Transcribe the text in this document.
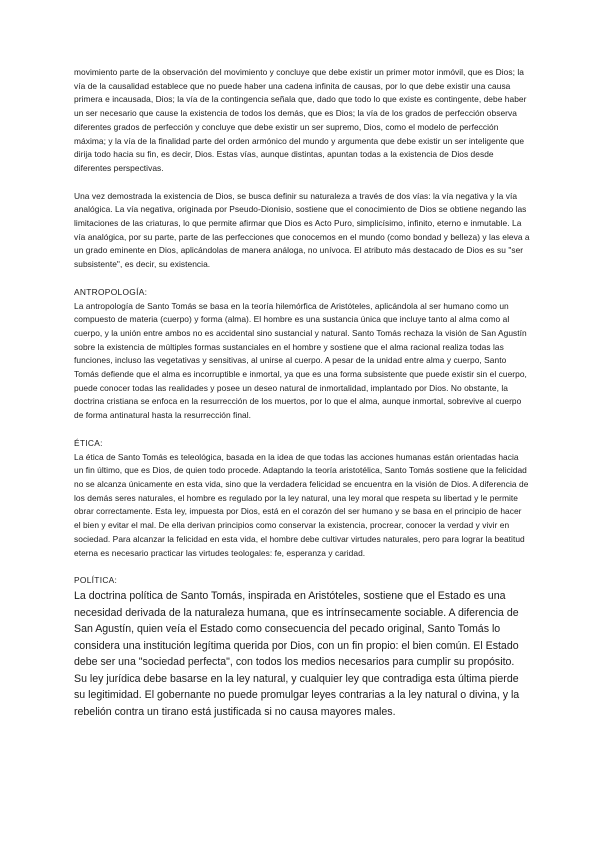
movimiento parte de la observación del movimiento y concluye que debe existir un primer motor inmóvil, que es Dios; la vía de la causalidad establece que no puede haber una cadena infinita de causas, por lo que debe existir una causa primera e incausada, Dios; la vía de la contingencia señala que, dado que todo lo que existe es contingente, debe haber un ser necesario que cause la existencia de todos los demás, que es Dios; la vía de los grados de perfección observa diferentes grados de perfección y concluye que debe existir un ser supremo, Dios, como el modelo de perfección máxima; y la vía de la finalidad parte del orden armónico del mundo y argumenta que debe existir un ser inteligente que dirija todo hacia su fin, es decir, Dios. Estas vías, aunque distintas, apuntan todas a la existencia de Dios desde diferentes perspectivas.

Una vez demostrada la existencia de Dios, se busca definir su naturaleza a través de dos vías: la vía negativa y la vía analógica. La vía negativa, originada por Pseudo-Dionisio, sostiene que el conocimiento de Dios se obtiene negando las limitaciones de las criaturas, lo que permite afirmar que Dios es Acto Puro, simplicísimo, infinito, eterno e inmutable. La vía analógica, por su parte, parte de las perfecciones que conocemos en el mundo (como bondad y belleza) y las eleva a un grado eminente en Dios, aplicándolas de manera análoga, no unívoca. El atributo más destacado de Dios es su "ser subsistente", es decir, su existencia.

ANTROPOLOGÍA:

La antropología de Santo Tomás se basa en la teoría hilemórfica de Aristóteles, aplicándola al ser humano como un compuesto de materia (cuerpo) y forma (alma). El hombre es una sustancia única que incluye tanto al alma como al cuerpo, y la unión entre ambos no es accidental sino sustancial y natural. Santo Tomás rechaza la visión de San Agustín sobre la existencia de múltiples formas sustanciales en el hombre y sostiene que el alma racional realiza todas las funciones, incluso las vegetativas y sensitivas, al unirse al cuerpo. A pesar de la unidad entre alma y cuerpo, Santo Tomás defiende que el alma es incorruptible e inmortal, ya que es una forma subsistente que puede existir sin el cuerpo, puede conocer todas las realidades y posee un deseo natural de inmortalidad, implantado por Dios. No obstante, la doctrina cristiana se enfoca en la resurrección de los muertos, por lo que el alma, aunque inmortal, sobrevive al cuerpo de forma antinatural hasta la resurrección final.

ÉTICA:

La ética de Santo Tomás es teleológica, basada en la idea de que todas las acciones humanas están orientadas hacia un fin último, que es Dios, de quien todo procede. Adaptando la teoría aristotélica, Santo Tomás sostiene que la felicidad no se alcanza únicamente en esta vida, sino que la verdadera felicidad se encuentra en la visión de Dios. A diferencia de los demás seres naturales, el hombre es regulado por la ley natural, una ley moral que respeta su libertad y le permite obrar correctamente. Esta ley, impuesta por Dios, está en el corazón del ser humano y se basa en el principio de hacer el bien y evitar el mal. De ella derivan principios como conservar la existencia, procrear, conocer la verdad y vivir en sociedad. Para alcanzar la felicidad en esta vida, el hombre debe cultivar virtudes naturales, pero para lograr la beatitud eterna es necesario practicar las virtudes teologales: fe, esperanza y caridad.

POLÍTICA:

La doctrina política de Santo Tomás, inspirada en Aristóteles, sostiene que el Estado es una necesidad derivada de la naturaleza humana, que es intrínsecamente sociable. A diferencia de San Agustín, quien veía el Estado como consecuencia del pecado original, Santo Tomás lo considera una institución legítima querida por Dios, con un fin propio: el bien común. El Estado debe ser una "sociedad perfecta", con todos los medios necesarios para cumplir su propósito. Su ley jurídica debe basarse en la ley natural, y cualquier ley que contradiga esta última pierde su legitimidad. El gobernante no puede promulgar leyes contrarias a la ley natural o divina, y la rebelión contra un tirano está justificada si no causa mayores males.
